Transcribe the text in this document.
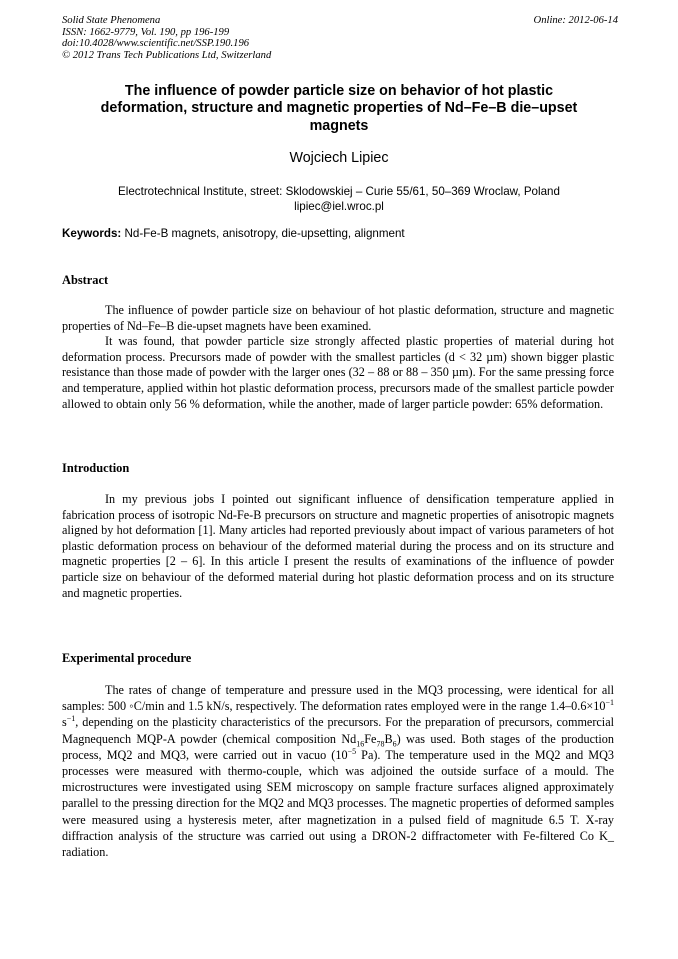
Solid State Phenomena
ISSN: 1662-9779, Vol. 190, pp 196-199
doi:10.4028/www.scientific.net/SSP.190.196
© 2012 Trans Tech Publications Ltd, Switzerland
Online: 2012-06-14
The influence of powder particle size on behavior of hot plastic deformation, structure and magnetic properties of Nd–Fe–B die–upset magnets
Wojciech Lipiec
Electrotechnical Institute, street: Sklodowskiej – Curie 55/61, 50–369 Wroclaw, Poland
lipiec@iel.wroc.pl
Keywords: Nd-Fe-B magnets, anisotropy, die-upsetting, alignment
Abstract

The influence of powder particle size on behaviour of hot plastic deformation, structure and magnetic properties of Nd–Fe–B die-upset magnets have been examined.

It was found, that powder particle size strongly affected plastic properties of material during hot deformation process. Precursors made of powder with the smallest particles (d < 32 µm) shown bigger plastic resistance than those made of powder with the larger ones (32 – 88 or 88 – 350 µm). For the same pressing force and temperature, applied within hot plastic deformation process, precursors made of the smallest particle powder allowed to obtain only 56 % deformation, while the another, made of larger particle powder: 65% deformation.

Introduction

In my previous jobs I pointed out significant influence of densification temperature applied in fabrication process of isotropic Nd-Fe-B precursors on structure and magnetic properties of anisotropic magnets aligned by hot deformation [1]. Many articles had reported previously about impact of various parameters of hot plastic deformation process on behaviour of the deformed material during the process and on its structure and magnetic properties [2 – 6]. In this article I present the results of examinations of the influence of powder particle size on behaviour of the deformed material during hot plastic deformation process and on its structure and magnetic properties.

Experimental procedure

The rates of change of temperature and pressure used in the MQ3 processing, were identical for all samples: 500 ◦C/min and 1.5 kN/s, respectively. The deformation rates employed were in the range $1.4-0.6\times 10^{-1}$ $s^{-1}$, depending on the plasticity characteristics of the precursors. For the preparation of precursors, commercial Magnequench MQP-A powder (chemical composition $Nd_{16}Fe_{78}B_6$) was used. Both stages of the production process, MQ2 and MQ3, were carried out in vacuo ($10^{-5}$ Pa). The temperature used in the MQ2 and MQ3 processes were measured with thermo-couple, which was adjoined the outside surface of a mould. The microstructures were investigated using SEM microscopy on sample fracture surfaces aligned approximately parallel to the pressing direction for the MQ2 and MQ3 processes. The magnetic properties of deformed samples were measured using a hysteresis meter, after magnetization in a pulsed field of magnitude 6.5 T. X-ray diffraction analysis of the structure was carried out using a DRON-2 diffractometer with Fe-filtered Co K_ radiation.
